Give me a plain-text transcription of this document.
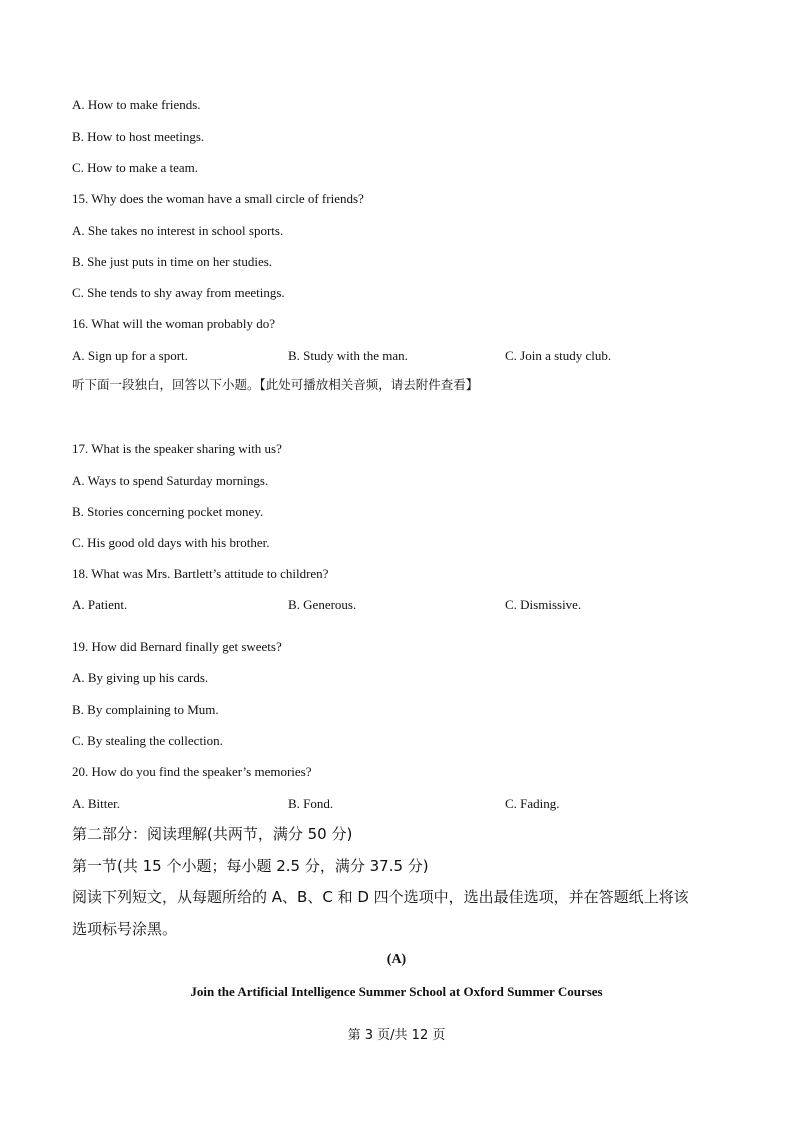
A. How to make friends.
B. How to host meetings.
C. How to make a team.
15. Why does the woman have a small circle of friends?
A. She takes no interest in school sports.
B. She just puts in time on her studies.
C. She tends to shy away from meetings.
16. What will the woman probably do?
A. Sign up for a sport.	B. Study with the man.	C. Join a study club.
听下面一段独白，回答以下小题。【此处可播放相关音频，请去附件查看】
17. What is the speaker sharing with us?
A. Ways to spend Saturday mornings.
B. Stories concerning pocket money.
C. His good old days with his brother.
18. What was Mrs. Bartlett’s attitude to children?
A. Patient.	B. Generous.	C. Dismissive.
19. How did Bernard finally get sweets?
A. By giving up his cards.
B. By complaining to Mum.
C. By stealing the collection.
20. How do you find the speaker’s memories?
A. Bitter.	B. Fond.	C. Fading.
第二部分：阅读理解(共两节，满分 50 分)
第一节(共 15 个小题；每小题 2.5 分，满分 37.5 分)
阅读下列短文，从每题所给的 A、B、C 和 D 四个选项中，选出最佳选项，并在答题纸上将该
选项标号涂黑。
(A)
Join the Artificial Intelligence Summer School at Oxford Summer Courses
第 3 页/共 12 页
